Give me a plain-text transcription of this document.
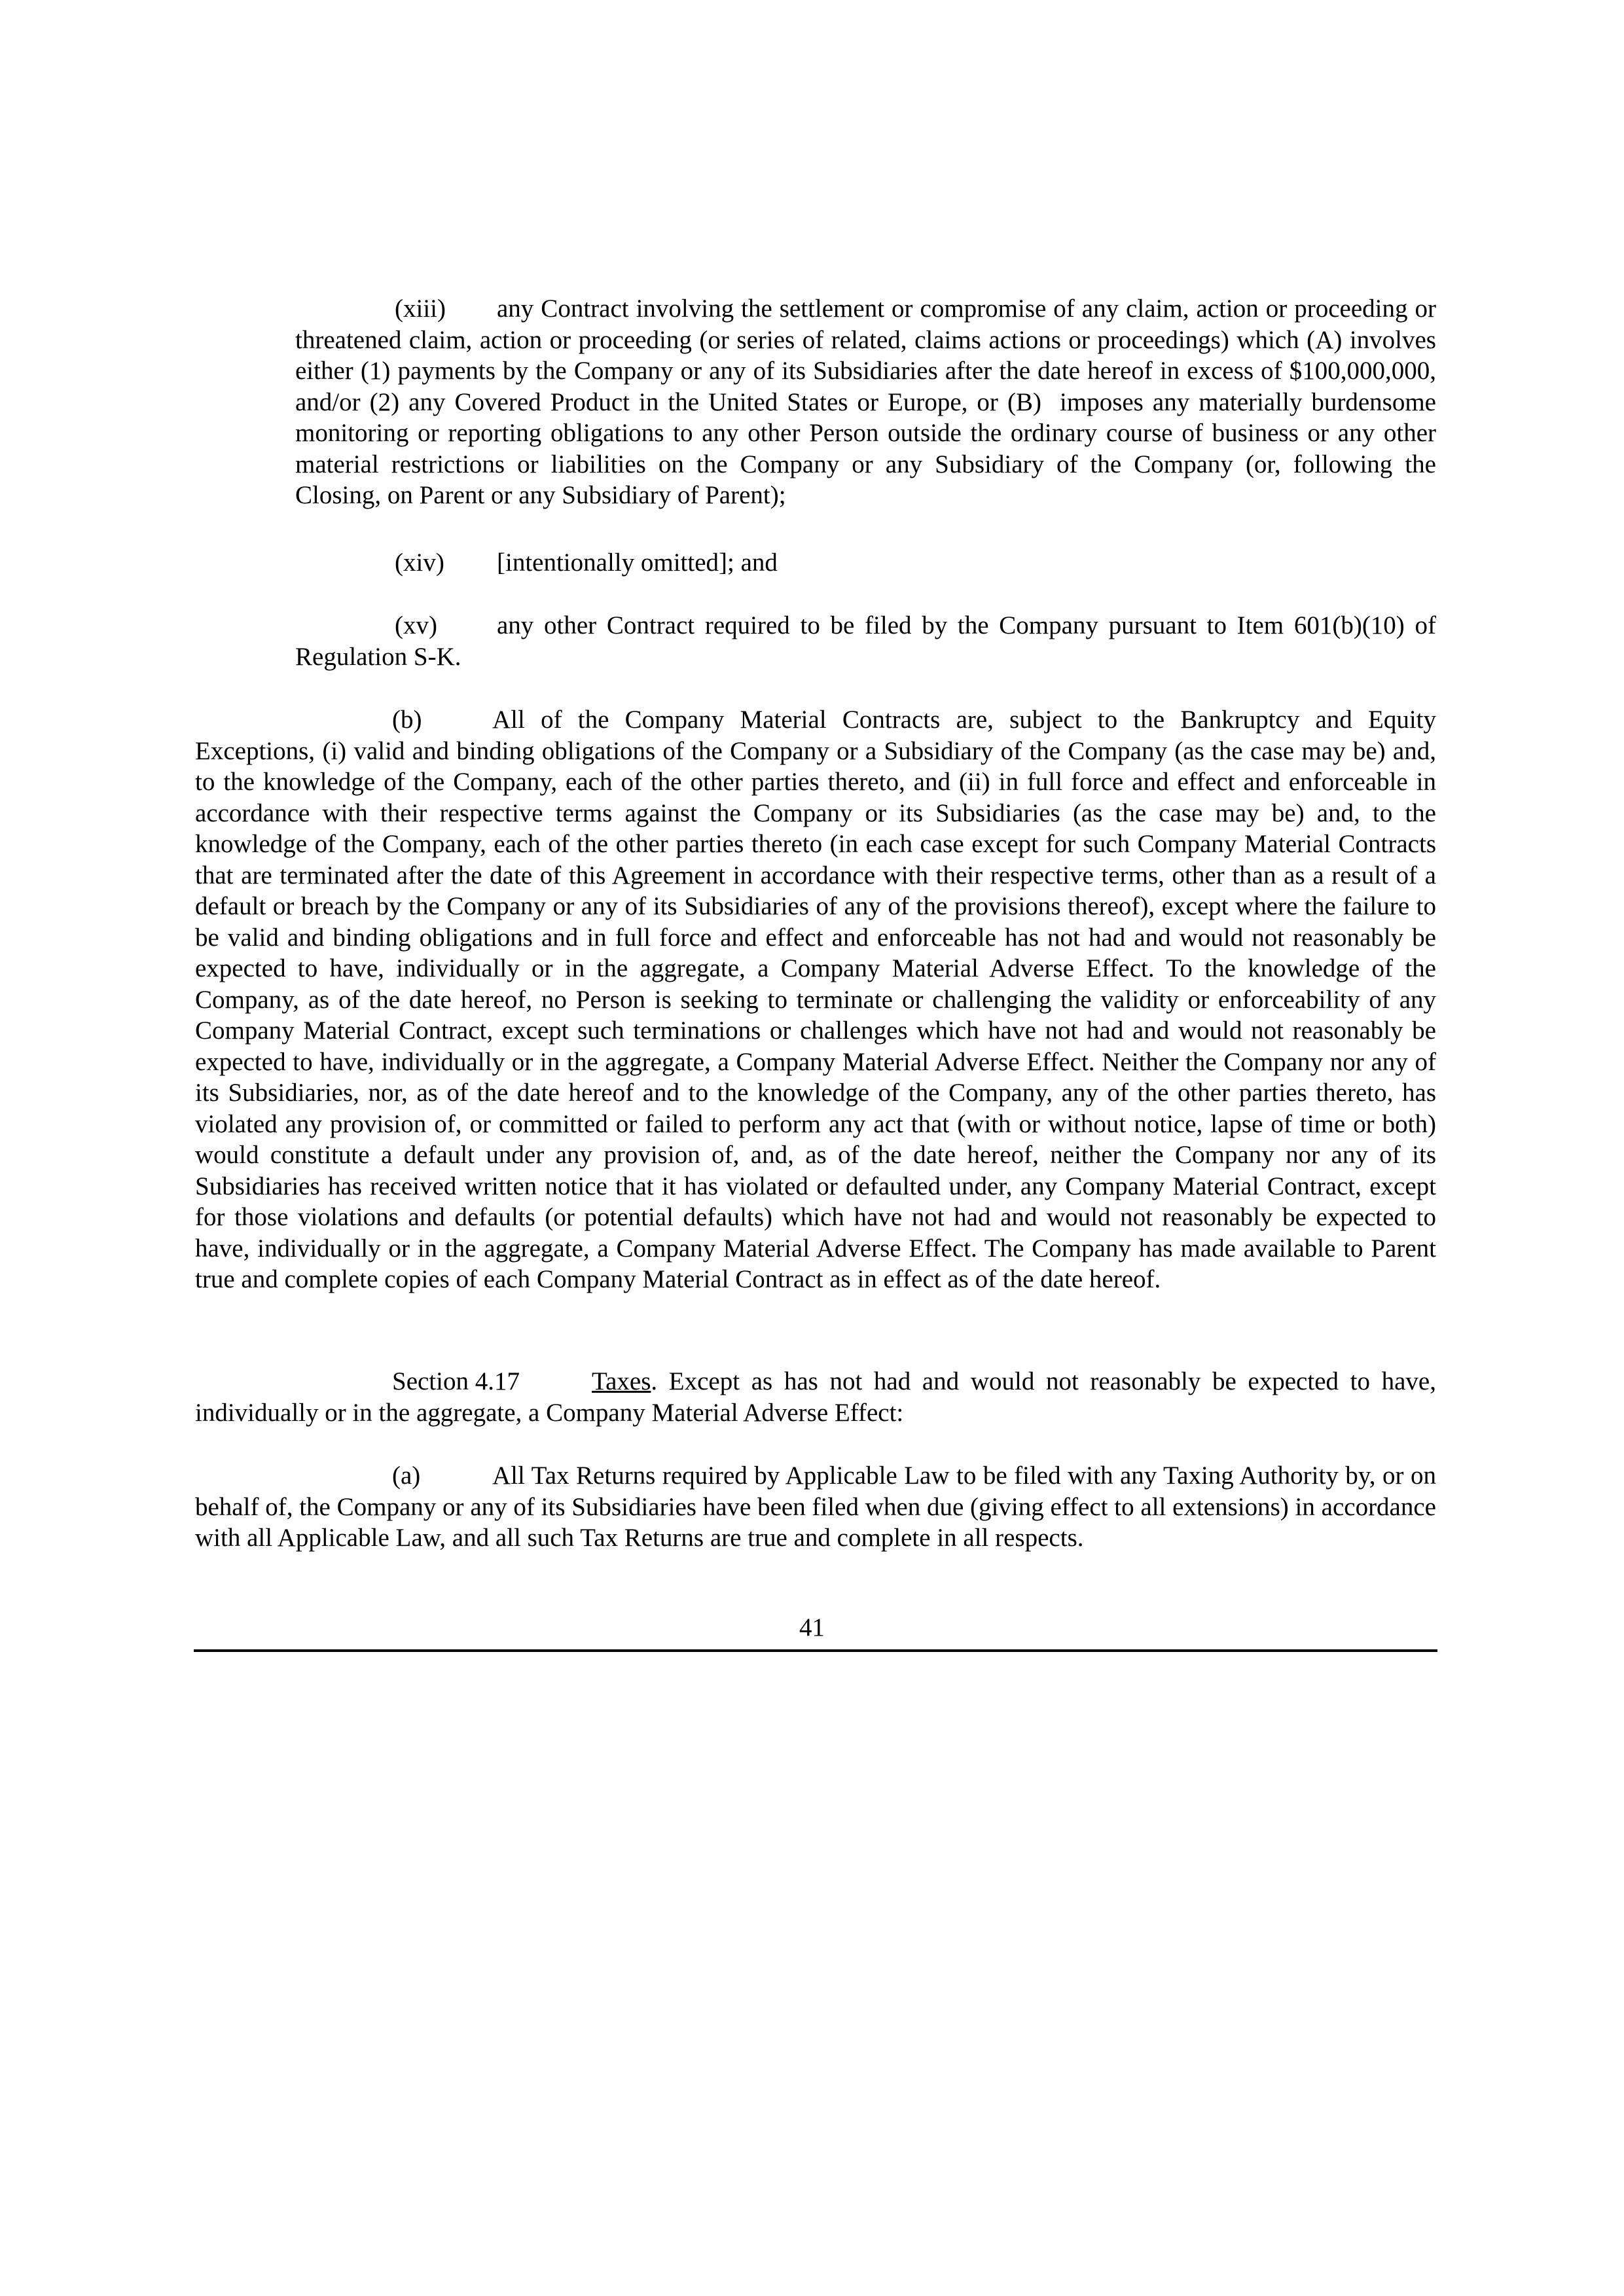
(xiii) any Contract involving the settlement or compromise of any claim, action or proceeding or threatened claim, action or proceeding (or series of related, claims actions or proceedings) which (A) involves either (1) payments by the Company or any of its Subsidiaries after the date hereof in excess of $100,000,000, and/or (2) any Covered Product in the United States or Europe, or (B)  imposes any materially burdensome monitoring or reporting obligations to any other Person outside the ordinary course of business or any other material restrictions or liabilities on the Company or any Subsidiary of the Company (or, following the Closing, on Parent or any Subsidiary of Parent);

(xiv) [intentionally omitted]; and

(xv) any other Contract required to be filed by the Company pursuant to Item 601(b)(10) of Regulation S-K.

(b)	All of the Company Material Contracts are, subject to the Bankruptcy and Equity Exceptions, (i) valid and binding obligations of the Company or a Subsidiary of the Company (as the case may be) and, to the knowledge of the Company, each of the other parties thereto, and (ii) in full force and effect and enforceable in accordance with their respective terms against the Company or its Subsidiaries (as the case may be) and, to the knowledge of the Company, each of the other parties thereto (in each case except for such Company Material Contracts that are terminated after the date of this Agreement in accordance with their respective terms, other than as a result of a default or breach by the Company or any of its Subsidiaries of any of the provisions thereof), except where the failure to be valid and binding obligations and in full force and effect and enforceable has not had and would not reasonably be expected to have, individually or in the aggregate, a Company Material Adverse Effect. To the knowledge of the Company, as of the date hereof, no Person is seeking to terminate or challenging the validity or enforceability of any Company Material Contract, except such terminations or challenges which have not had and would not reasonably be expected to have, individually or in the aggregate, a Company Material Adverse Effect. Neither the Company nor any of its Subsidiaries, nor, as of the date hereof and to the knowledge of the Company, any of the other parties thereto, has violated any provision of, or committed or failed to perform any act that (with or without notice, lapse of time or both) would constitute a default under any provision of, and, as of the date hereof, neither the Company nor any of its Subsidiaries has received written notice that it has violated or defaulted under, any Company Material Contract, except for those violations and defaults (or potential defaults) which have not had and would not reasonably be expected to have, individually or in the aggregate, a Company Material Adverse Effect. The Company has made available to Parent true and complete copies of each Company Material Contract as in effect as of the date hereof.

Section 4.17	Taxes. Except as has not had and would not reasonably be expected to have, individually or in the aggregate, a Company Material Adverse Effect:

(a)	All Tax Returns required by Applicable Law to be filed with any Taxing Authority by, or on behalf of, the Company or any of its Subsidiaries have been filed when due (giving effect to all extensions) in accordance with all Applicable Law, and all such Tax Returns are true and complete in all respects.

41
